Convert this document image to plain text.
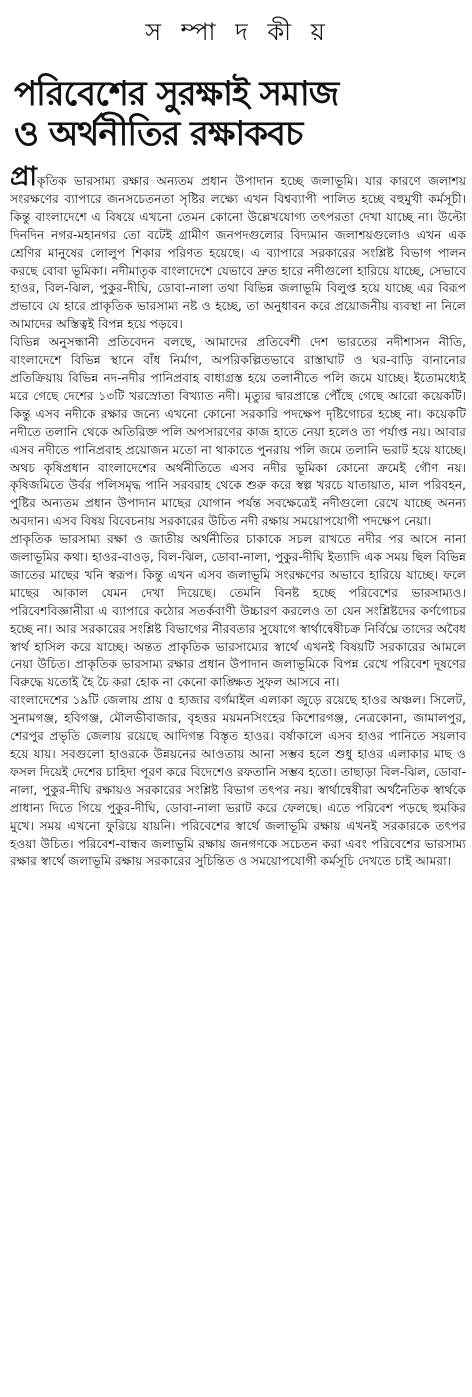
স ম্পা দ কী য়
পরিবেশের সুরক্ষাই সমাজ
ও অর্থনীতির রক্ষাকবচ

প্রাকৃতিক ভারসাম্য রক্ষার অন্যতম প্রধান উপাদান হচ্ছে জলাভূমি। যার কারণে জলাশয় সংরক্ষণের ব্যাপারে জনসচেতনতা সৃষ্টির লক্ষ্যে এখন বিশ্বব্যাপী পালিত হচ্ছে বহুমুখী কর্মসূচী। কিন্তু বাংলাদেশে এ বিষয়ে এখনো তেমন কোনো উল্লেখযোগ্য তৎপরতা দেখা যাচ্ছে না। উল্টো দিনদিন নগর-মহানগর তো বটেই গ্রামীণ জনপদগুলোর বিদ্যমান জলাশয়গুলোও এখন এক শ্রেণির মানুষের লোলুপ শিকার পরিণত হয়েছে। এ ব্যাপারে সরকারের সংশ্লিষ্ট বিভাগ পালন করছে বোবা ভূমিকা। নদীমাতৃক বাংলাদেশে যেভাবে দ্রুত হারে নদীগুলো হারিয়ে যাচ্ছে, সেভাবে হাওর, বিল-ঝিল, পুকুর-দীঘি, ডোবা-নালা তথা বিভিন্ন জলাভূমি বিলুপ্ত হয়ে যাচ্ছে এর বিরূপ প্রভাবে যে হারে প্রাকৃতিক ভারসাম্য নষ্ট ও হচ্ছে, তা অনুধাবন করে প্রয়োজনীয় ব্যবস্থা না নিলে আমাদের অস্তিত্বই বিপন্ন হয়ে পড়বে।

বিভিন্ন অনুসন্ধানী প্রতিবেদন বলছে, আমাদের প্রতিবেশী দেশ ভারতের নদীশাসন নীতি, বাংলাদেশে বিভিন্ন স্থানে বাঁধ নির্মাণ, অপরিকল্পিতভাবে রাস্তাঘাট ও ঘর-বাড়ি বানানোর প্রতিক্রিয়ায় বিভিন্ন নদ-নদীর পানিপ্রবাহ বাধাগ্রস্ত হয়ে তলানীতে পলি জমে যাচ্ছে। ইতোমধ্যেই মরে গেছে দেশের ১৩টি খরস্রোতা বিখ্যাত নদী। মৃত্যুর দ্বারপ্রান্তে পৌঁছে গেছে আরো কয়েকটি। কিন্তু এসব নদীকে রক্ষার জন্যে এখনো কোনো সরকারি পদক্ষেপ দৃষ্টিগোচর হচ্ছে না। কয়েকটি নদীতে তলানি থেকে অতিরিক্ত পলি অপসারণের কাজ হাতে নেয়া হলেও তা পর্যাপ্ত নয়। আবার এসব নদীতে পানিপ্রবাহ প্রয়োজন মতো না থাকাতে পুনরায় পলি জমে তলানি ভরাট হয়ে যাচ্ছে। অথচ কৃষিপ্রধান বাংলাদেশের অর্থনীতিতে এসব নদীর ভূমিকা কোনো ক্রমেই গৌণ নয়। কৃষিজমিতে উর্বর পলিসমৃদ্ধ পানি সরবরাহ থেকে শুরু করে স্বল্প খরচে যাতায়াত, মাল পরিবহন, পুষ্টির অন্যতম প্রধান উপাদান মাছের যোগান পর্যন্ত সবক্ষেত্রেই নদীগুলো রেখে যাচ্ছে অনন্য অবদান। এসব বিষয় বিবেচনায় সরকারের উচিত নদী রক্ষায় সময়োপযোগী পদক্ষেপ নেয়া।

প্রাকৃতিক ভারসাম্য রক্ষা ও জাতীয় অর্থনীতির চাকাকে সচল রাখতে নদীর পর আসে নানা জলাভূমির কথা। হাওর-বাওড়, বিল-ঝিল, ডোবা-নালা, পুকুর-দীঘি ইত্যাদি এক সময় ছিল বিভিন্ন জাতের মাছের খনি স্বরূপ। কিন্তু এখন এসব জলাভূমি সংরক্ষণের অভাবে হারিয়ে যাচ্ছে। ফলে মাছের আকাল যেমন দেখা দিয়েছে। তেমনি বিনষ্ট হচ্ছে পরিবেশের ভারসাম্যও। পরিবেশবিজ্ঞানীরা এ ব্যাপারে কঠোর সতর্কবাণী উচ্চারণ করলেও তা যেন সংশ্লিষ্টদের কর্ণগোচর হচ্ছে না। আর সরকারের সংশ্লিষ্ট বিভাগের নীরবতার সুযোগে স্বার্থান্বেষীচক্র নির্বিঘ্নে তাদের অবৈধ স্বার্থ হাসিল করে যাচ্ছে। অন্তত প্রাকৃতিক ভারসাম্যের স্বার্থে এখনই বিষয়টি সরকারের আমলে নেয়া উচিত। প্রাকৃতিক ভারসাম্য রক্ষার প্রধান উপাদান জলাভূমিকে বিপন্ন রেখে পরিবেশ দূষণের বিরুদ্ধে যতোই হৈ চৈ করা হোক না কেনো কাঙ্ক্ষিত সুফল আসবে না।

বাংলাদেশের ১৯টি জেলায় প্রায় ৫ হাজার বর্গমাইল এলাকা জুড়ে রয়েছে হাওর অঞ্চল। সিলেট, সুনামগঞ্জ, হবিগঞ্জ, মৌলভীবাজার, বৃহত্তর ময়মনসিংহের কিশোরগঞ্জ, নেত্রকোনা, জামালপুর, শেরপুর প্রভৃতি জেলায় রয়েছে আদিগন্ত বিস্তৃত হাওর। বর্ষাকালে এসব হাওর পানিতে সয়লাব হয়ে যায়। সবগুলো হাওরকে উন্নয়নের আওতায় আনা সম্ভব হলে শুধু হাওর এলাকার মাছ ও ফসল দিয়েই দেশের চাহিদা পূরণ করে বিদেশেও রফতানি সম্ভব হতো। তাছাড়া বিল-ঝিল, ডোবা-নালা, পুকুর-দীঘি রক্ষায়ও সরকারের সংশ্লিষ্ট বিভাগ তৎপর নয়। স্বার্থান্বেষীরা অর্থনৈতিক স্বার্থকে প্রাধান্য দিতে গিয়ে পুকুর-দীঘি, ডোবা-নালা ভরাট করে ফেলছে। এতে পরিবেশ পড়ছে হুমকির মুখে। সময় এখনো ফুরিয়ে যায়নি। পরিবেশের স্বার্থে জলাভূমি রক্ষায় এখনই সরকারকে তৎপর হওয়া উচিত। পরিবেশ-বান্ধব জলাভূমি রক্ষায় জনগণকে সচেতন করা এবং পরিবেশের ভারসাম্য রক্ষার স্বার্থে জলাভূমি রক্ষায় সরকারের সুচিন্তিত ও সময়োপযোগী কর্মসূচি দেখতে চাই আমরা।
